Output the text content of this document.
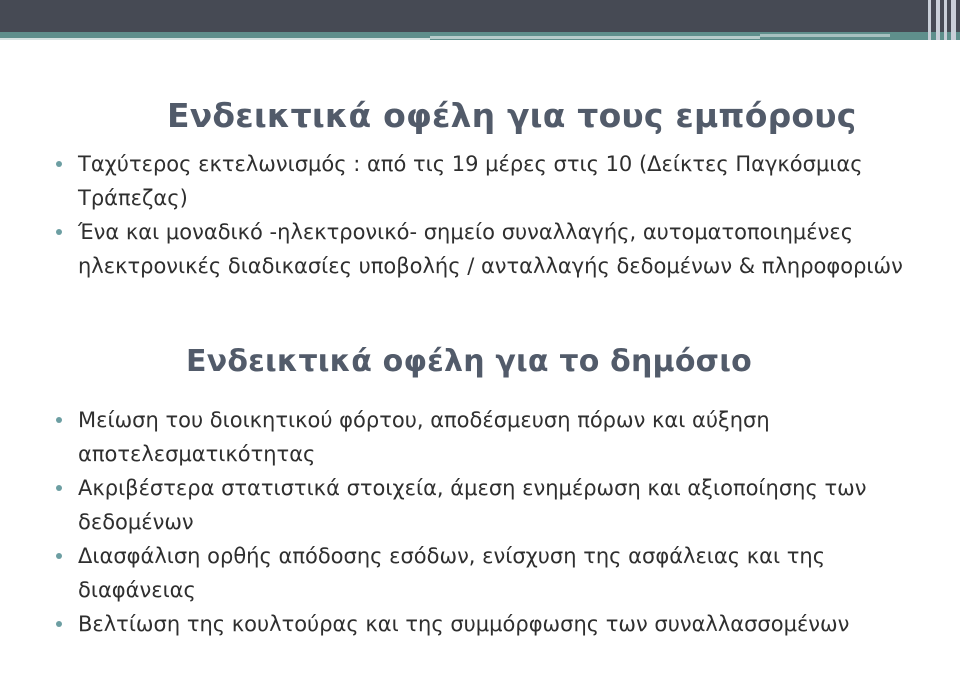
Ενδεικτικά οφέλη για τους εμπόρους
Ταχύτερος εκτελωνισμός : από τις 19 μέρες στις 10 (Δείκτες Παγκόσμιας Τράπεζας)
Ένα και μοναδικό -ηλεκτρονικό- σημείο συναλλαγής, αυτοματοποιημένες ηλεκτρονικές διαδικασίες υποβολής / ανταλλαγής δεδομένων & πληροφοριών
Ενδεικτικά οφέλη για το δημόσιο
Μείωση του διοικητικού φόρτου, αποδέσμευση πόρων και αύξηση αποτελεσματικότητας
Ακριβέστερα στατιστικά στοιχεία, άμεση ενημέρωση και αξιοποίησης των δεδομένων
Διασφάλιση ορθής απόδοσης εσόδων, ενίσχυση της ασφάλειας και της διαφάνειας
Βελτίωση της κουλτούρας και της συμμόρφωσης των συναλλασσομένων
